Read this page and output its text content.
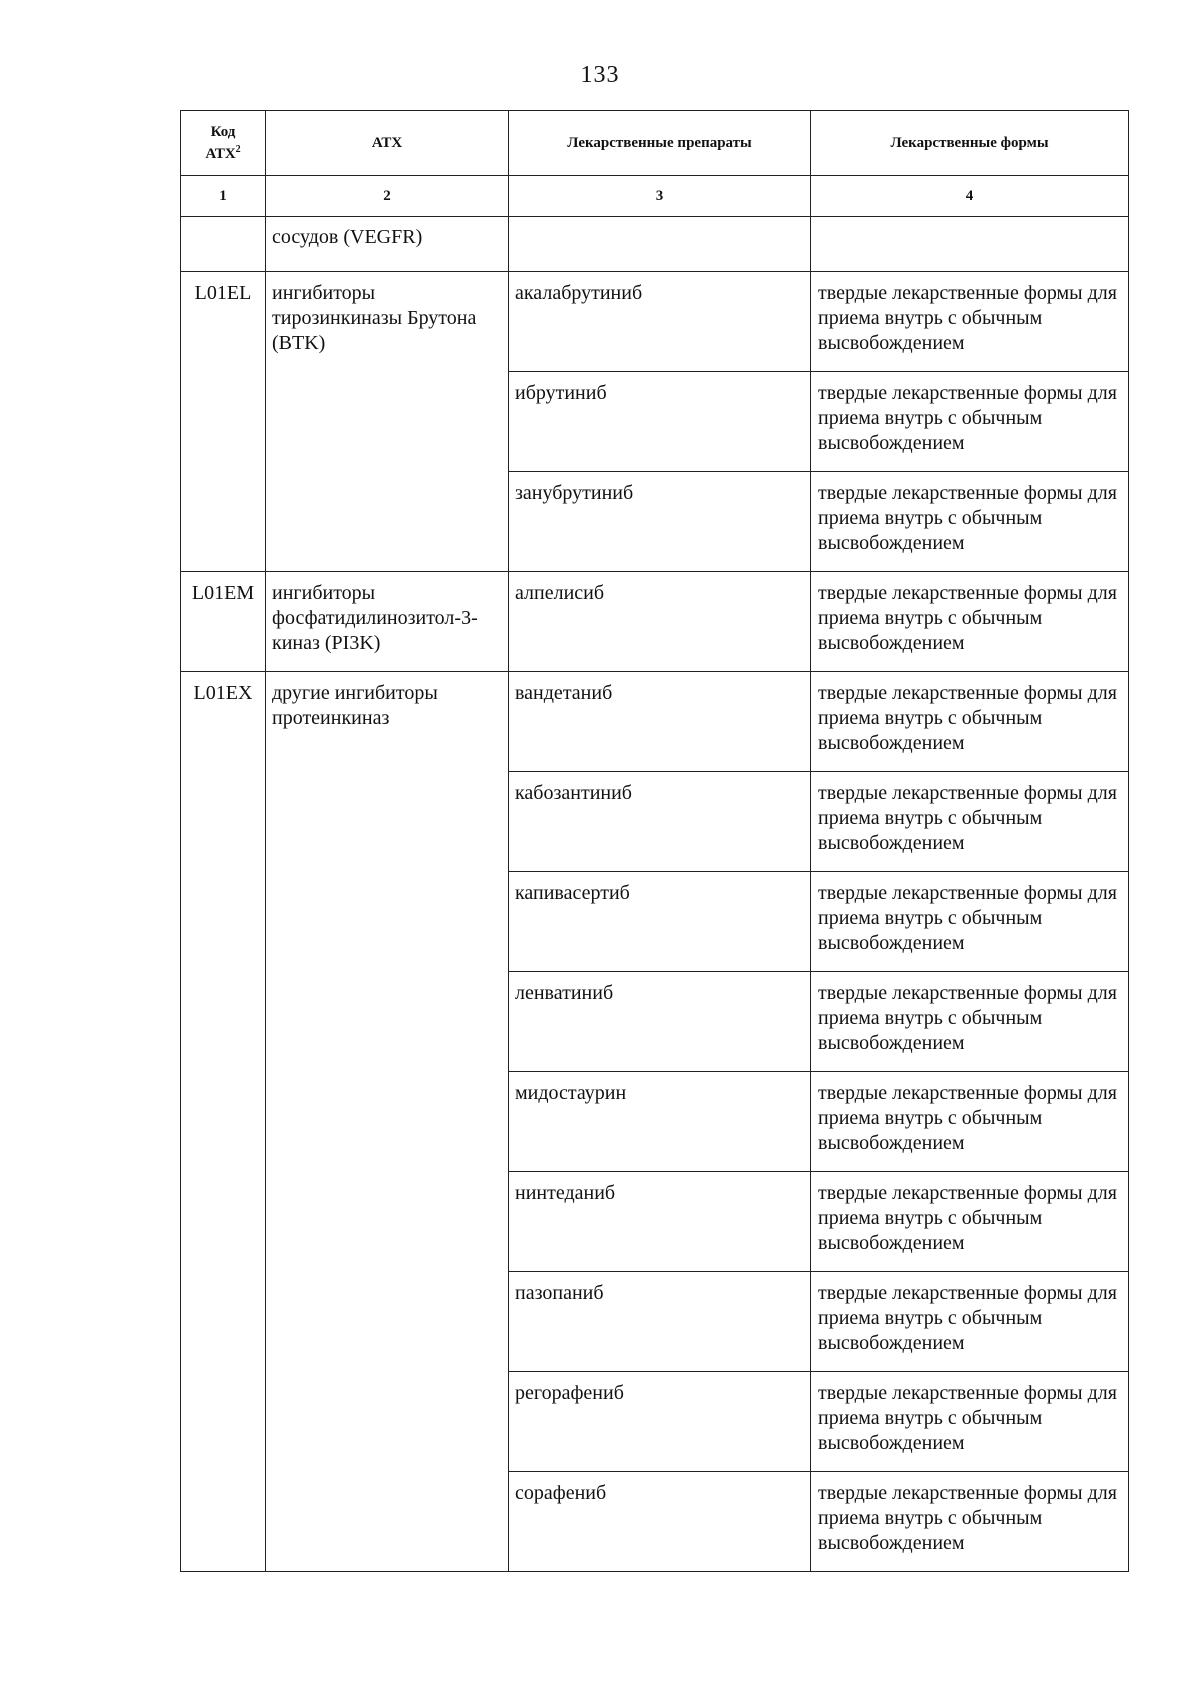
133
Код
АТХ$^2$	АТХ	Лекарственные препараты	Лекарственные формы
1	2	3	4
	сосудов (VEGFR)		
L01EL	ингибиторы тирозинкиназы Брутона (BTK)	акалабрутиниб	твердые лекарственные формы для приема внутрь с обычным высвобождением
		ибрутиниб	твердые лекарственные формы для приема внутрь с обычным высвобождением
		занубрутиниб	твердые лекарственные формы для приема внутрь с обычным высвобождением
L01EM	ингибиторы фосфатидилинозитол-3-киназ (PI3K)	алпелисиб	твердые лекарственные формы для приема внутрь с обычным высвобождением
L01EX	другие ингибиторы протеинкиназ	вандетаниб	твердые лекарственные формы для приема внутрь с обычным высвобождением
		кабозантиниб	твердые лекарственные формы для приема внутрь с обычным высвобождением
		капивасертиб	твердые лекарственные формы для приема внутрь с обычным высвобождением
		ленватиниб	твердые лекарственные формы для приема внутрь с обычным высвобождением
		мидостаурин	твердые лекарственные формы для приема внутрь с обычным высвобождением
		нинтеданиб	твердые лекарственные формы для приема внутрь с обычным высвобождением
		пазопаниб	твердые лекарственные формы для приема внутрь с обычным высвобождением
		регорафениб	твердые лекарственные формы для приема внутрь с обычным высвобождением
		сорафениб	твердые лекарственные формы для приема внутрь с обычным высвобождением
